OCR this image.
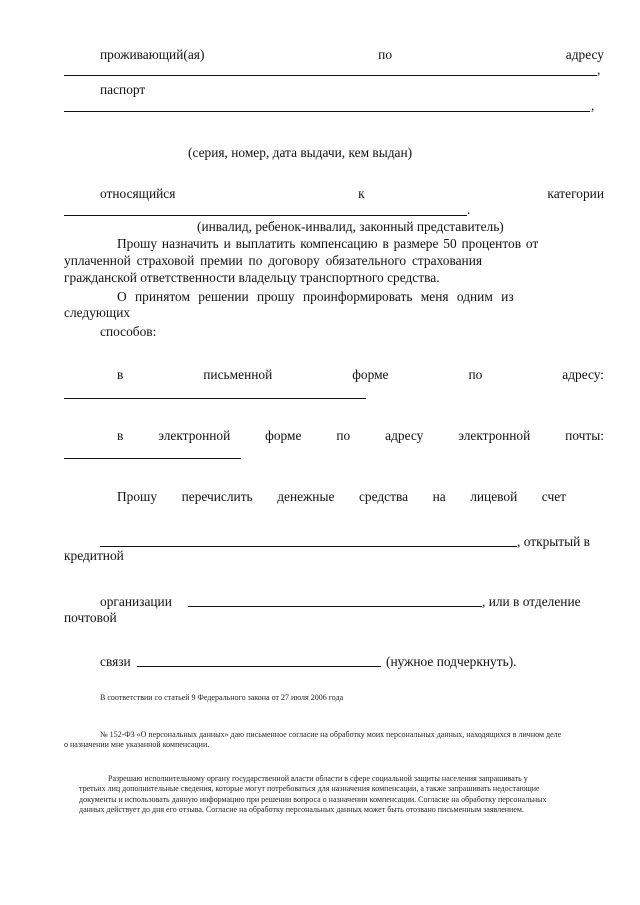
проживающий(ая)	по	адресу
,
паспорт
,
(серия, номер, дата выдачи, кем выдан)
относящийся	к	категории
.
(инвалид, ребенок-инвалид, законный представитель)
Прошу назначить и выплатить компенсацию в размере 50 процентов от
уплаченной страховой премии по договору обязательного страхования
гражданской ответственности владельцу транспортного средства.
О принятом решении прошу проинформировать меня одним из
следующих
способов:
в	письменной	форме	по	адресу:
в	электронной	форме	по	адресу	электронной	почты:
Прошу перечислить денежные средства на лицевой счет
, открытый в
кредитной
организации	, или в отделение
почтовой
связи	(нужное подчеркнуть).
В соответствии со статьей 9 Федерального закона от 27 июля 2006 года
№ 152-ФЗ «О персональных данных» даю письменное согласие на обработку моих персональных данных, находящихся в личном деле
о назначении мне указанной компенсации.
Разрешаю исполнительному органу государственной власти области в сфере социальной защиты населения запрашивать у
третьих лиц дополнительные сведения, которые могут потребоваться для назначения компенсации, а также запрашивать недостающие
документы и использовать данную информацию при решении вопроса о назначении компенсации. Согласие на обработку персональных
данных действует до дня его отзыва. Согласие на обработку персональных данных может быть отозвано письменным заявлением.
